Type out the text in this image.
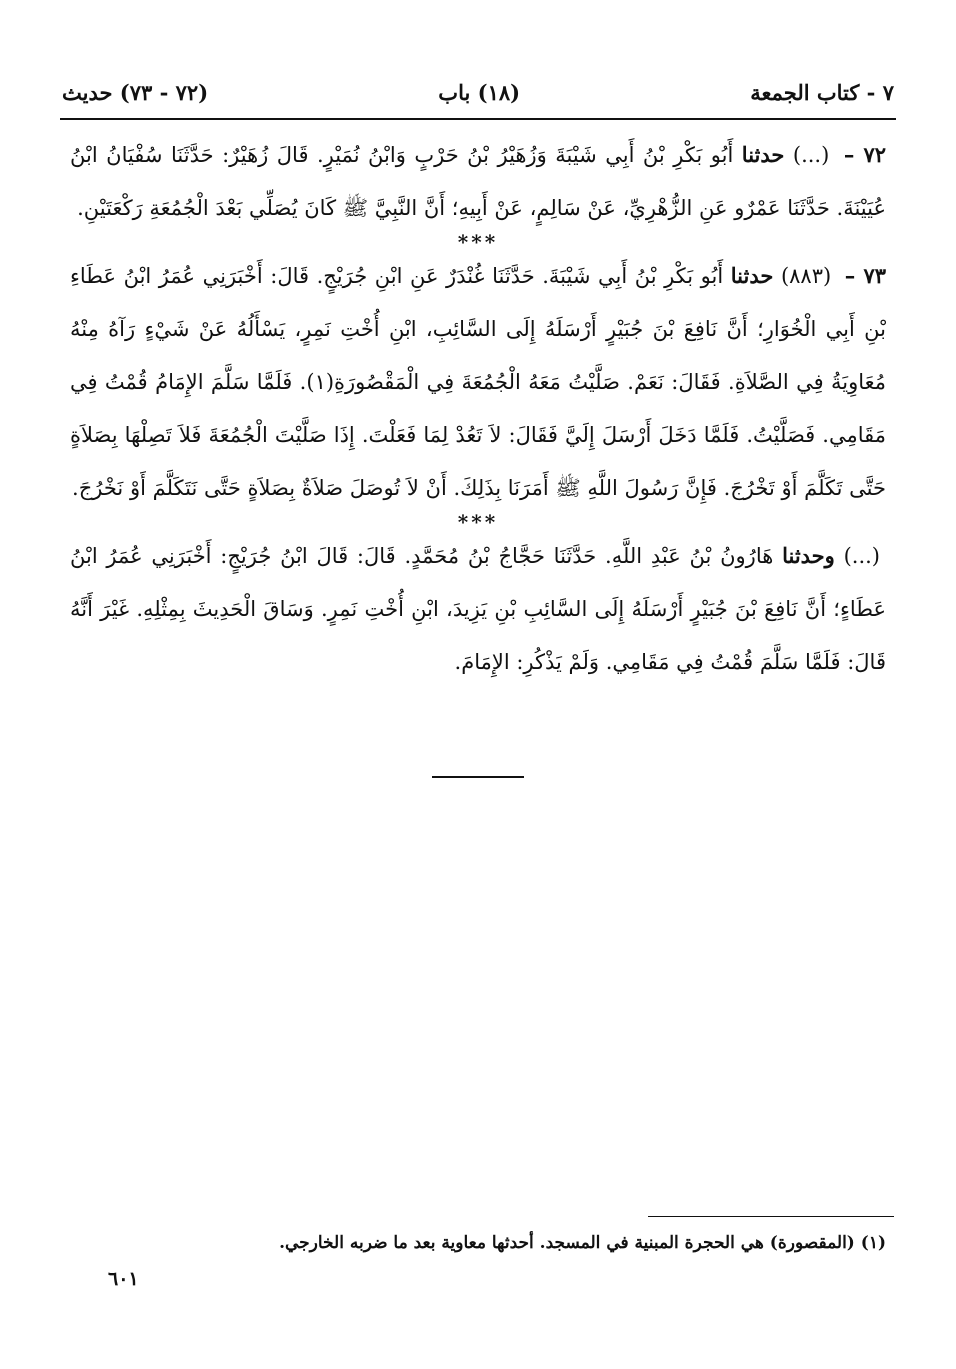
٧ - كتاب الجمعة
(١٨) باب
(٧٢ - ٧٣) حديث

٧٢ – (...) حدثنا أَبُو بَكْرِ بْنُ أَبِي شَيْبَةَ وَزُهَيْرُ بْنُ حَرْبٍ وَابْنُ نُمَيْرٍ. قَالَ زُهَيْرٌ: حَدَّثَنَا سُفْيَانُ ابْنُ عُيَيْنَةَ. حَدَّثَنَا عَمْرٌو عَنِ الزُّهْرِيِّ، عَنْ سَالِمٍ، عَنْ أَبِيهِ؛ أَنَّ النَّبِيَّ ﷺ كَانَ يُصَلِّي بَعْدَ الْجُمُعَةِ رَكْعَتَيْنِ.

***

٧٣ – (٨٨٣) حدثنا أَبُو بَكْرِ بْنُ أَبِي شَيْبَةَ. حَدَّثَنَا غُنْدَرٌ عَنِ ابْنِ جُرَيْجٍ. قَالَ: أَخْبَرَنِي عُمَرُ ابْنُ عَطَاءِ بْنِ أَبِي الْخُوَارِ؛ أَنَّ نَافِعَ بْنَ جُبَيْرٍ أَرْسَلَهُ إِلَى السَّائِبِ، ابْنِ أُخْتِ نَمِرٍ، يَسْأَلُهُ عَنْ شَيْءٍ رَآهُ مِنْهُ مُعَاوِيَةُ فِي الصَّلاَةِ. فَقَالَ: نَعَمْ. صَلَّيْتُ مَعَهُ الْجُمُعَةَ فِي الْمَقْصُورَةِ(١). فَلَمَّا سَلَّمَ الإِمَامُ قُمْتُ فِي مَقَامِي. فَصَلَّيْتُ. فَلَمَّا دَخَلَ أَرْسَلَ إِلَيَّ فَقَالَ: لاَ تَعُدْ لِمَا فَعَلْتَ. إِذَا صَلَّيْتَ الْجُمُعَةَ فَلاَ تَصِلْهَا بِصَلاَةٍ حَتَّى تَكَلَّمَ أَوْ تَخْرُجَ. فَإِنَّ رَسُولَ اللَّهِ ﷺ أَمَرَنَا بِذَلِكَ. أَنْ لاَ تُوصَلَ صَلاَةٌ بِصَلاَةٍ حَتَّى نَتَكَلَّمَ أَوْ نَخْرُجَ.

***

(...) وحدثنا هَارُونُ بْنُ عَبْدِ اللَّهِ. حَدَّثَنَا حَجَّاجُ بْنُ مُحَمَّدٍ. قَالَ: قَالَ ابْنُ جُرَيْجٍ: أَخْبَرَنِي عُمَرُ ابْنُ عَطَاءٍ؛ أَنَّ نَافِعَ بْنَ جُبَيْرٍ أَرْسَلَهُ إِلَى السَّائِبِ بْنِ يَزِيدَ، ابْنِ أُخْتِ نَمِرٍ. وَسَاقَ الْحَدِيثَ بِمِثْلِهِ. غَيْرَ أَنَّهُ قَالَ: فَلَمَّا سَلَّمَ قُمْتُ فِي مَقَامِي. وَلَمْ يَذْكُرِ: الإِمَامَ.

(١) (المقصورة) هي الحجرة المبنية في المسجد. أحدثها معاوية بعد ما ضربه الخارجي.
٦٠١
